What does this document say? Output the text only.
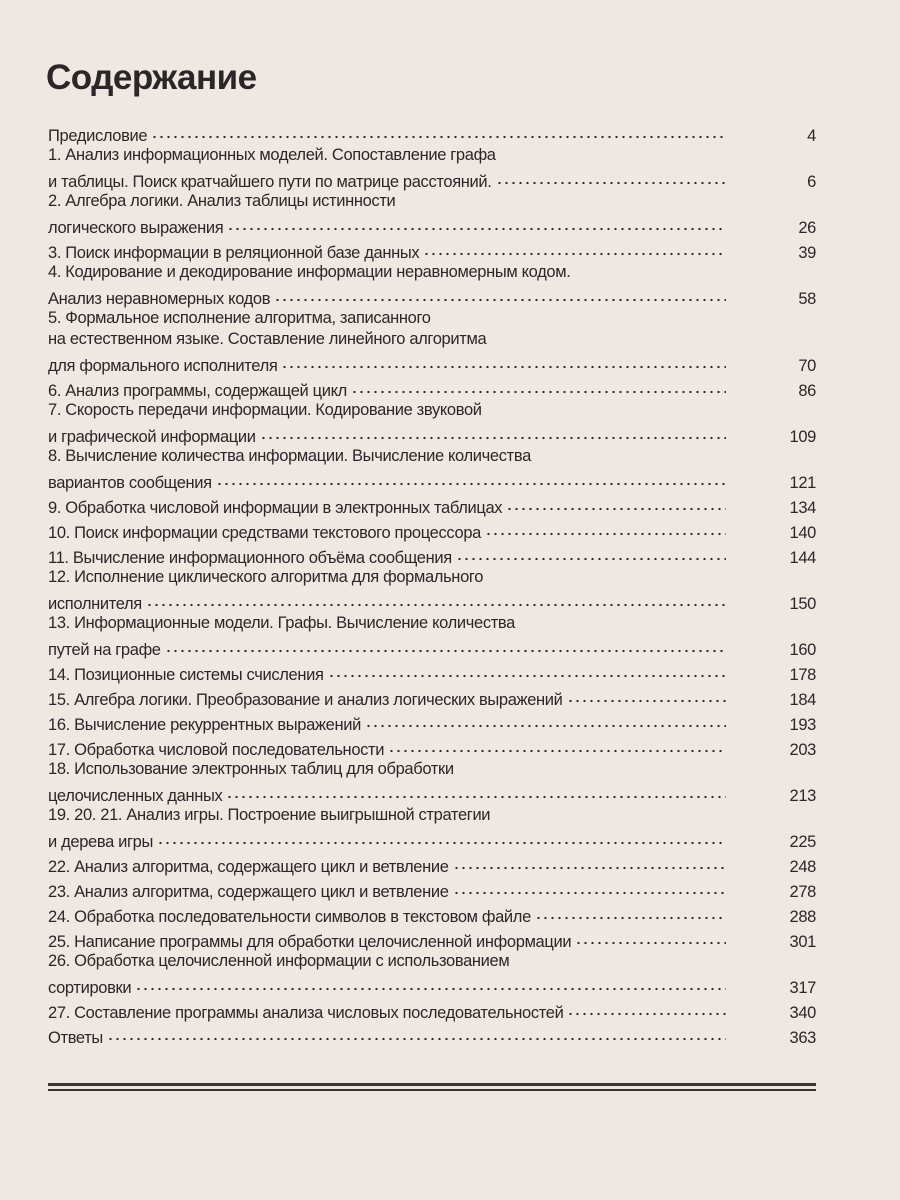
Содержание
Предисловие	4
1. Анализ информационных моделей. Сопоставление графа
и таблицы. Поиск кратчайшего пути по матрице расстояний.	6
2. Алгебра логики. Анализ таблицы истинности
логического выражения	26
3. Поиск информации в реляционной базе данных	39
4. Кодирование и декодирование информации неравномерным кодом.
Анализ неравномерных кодов	58
5. Формальное исполнение алгоритма, записанного
на естественном языке. Составление линейного алгоритма
для формального исполнителя	70
6. Анализ программы, содержащей цикл	86
7. Скорость передачи информации. Кодирование звуковой
и графической информации	109
8. Вычисление количества информации. Вычисление количества
вариантов сообщения	121
9. Обработка числовой информации в электронных таблицах	134
10. Поиск информации средствами текстового процессора	140
11. Вычисление информационного объёма сообщения	144
12. Исполнение циклического алгоритма для формального
исполнителя	150
13. Информационные модели. Графы. Вычисление количества
путей на графе	160
14. Позиционные системы счисления	178
15. Алгебра логики. Преобразование и анализ логических выражений	184
16. Вычисление рекуррентных выражений	193
17. Обработка числовой последовательности	203
18. Использование электронных таблиц для обработки
целочисленных данных	213
19. 20. 21. Анализ игры. Построение выигрышной стратегии
и дерева игры	225
22. Анализ алгоритма, содержащего цикл и ветвление	248
23. Анализ алгоритма, содержащего цикл и ветвление	278
24. Обработка последовательности символов в текстовом файле	288
25. Написание программы для обработки целочисленной информации	301
26. Обработка целочисленной информации с использованием
сортировки	317
27. Составление программы анализа числовых последовательностей	340
Ответы	363
